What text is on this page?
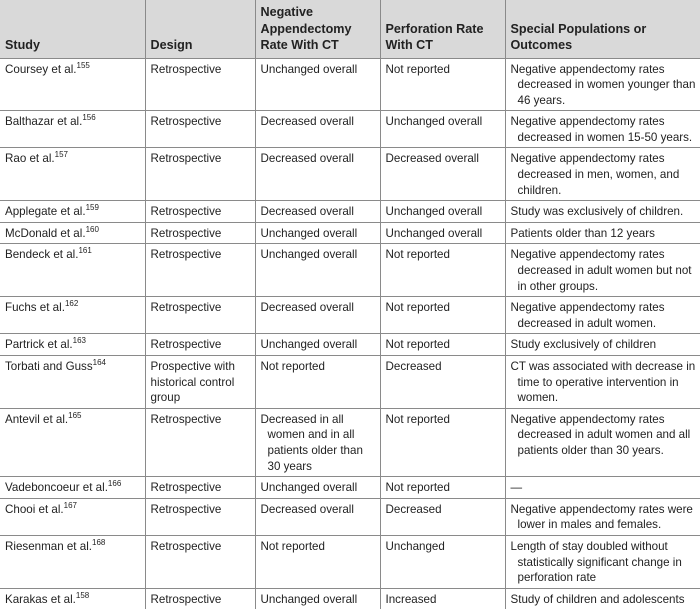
Study	Design	Negative Appendectomy Rate With CT	Perforation Rate With CT	Special Populations or Outcomes
Coursey et al.$^{155}$	Retrospective	Unchanged overall	Not reported	Negative appendectomy rates decreased in women younger than 46 years.
Balthazar et al.$^{156}$	Retrospective	Decreased overall	Unchanged overall	Negative appendectomy rates decreased in women 15-50 years.
Rao et al.$^{157}$	Retrospective	Decreased overall	Decreased overall	Negative appendectomy rates decreased in men, women, and children.
Applegate et al.$^{159}$	Retrospective	Decreased overall	Unchanged overall	Study was exclusively of children.
McDonald et al.$^{160}$	Retrospective	Unchanged overall	Unchanged overall	Patients older than 12 years
Bendeck et al.$^{161}$	Retrospective	Unchanged overall	Not reported	Negative appendectomy rates decreased in adult women but not in other groups.
Fuchs et al.$^{162}$	Retrospective	Decreased overall	Not reported	Negative appendectomy rates decreased in adult women.
Partrick et al.$^{163}$	Retrospective	Unchanged overall	Not reported	Study exclusively of children
Torbati and Guss$^{164}$	Prospective with historical control group	Not reported	Decreased	CT was associated with decrease in time to operative intervention in women.
Antevil et al.$^{165}$	Retrospective	Decreased in all women and in all patients older than 30 years	Not reported	Negative appendectomy rates decreased in adult women and all patients older than 30 years.
Vadeboncoeur et al.$^{166}$	Retrospective	Unchanged overall	Not reported	—
Chooi et al.$^{167}$	Retrospective	Decreased overall	Decreased	Negative appendectomy rates were lower in males and females.
Riesenman et al.$^{168}$	Retrospective	Not reported	Unchanged	Length of stay doubled without statistically significant change in perforation rate
Karakas et al.$^{158}$	Retrospective	Unchanged overall	Increased	Study of children and adolescents
